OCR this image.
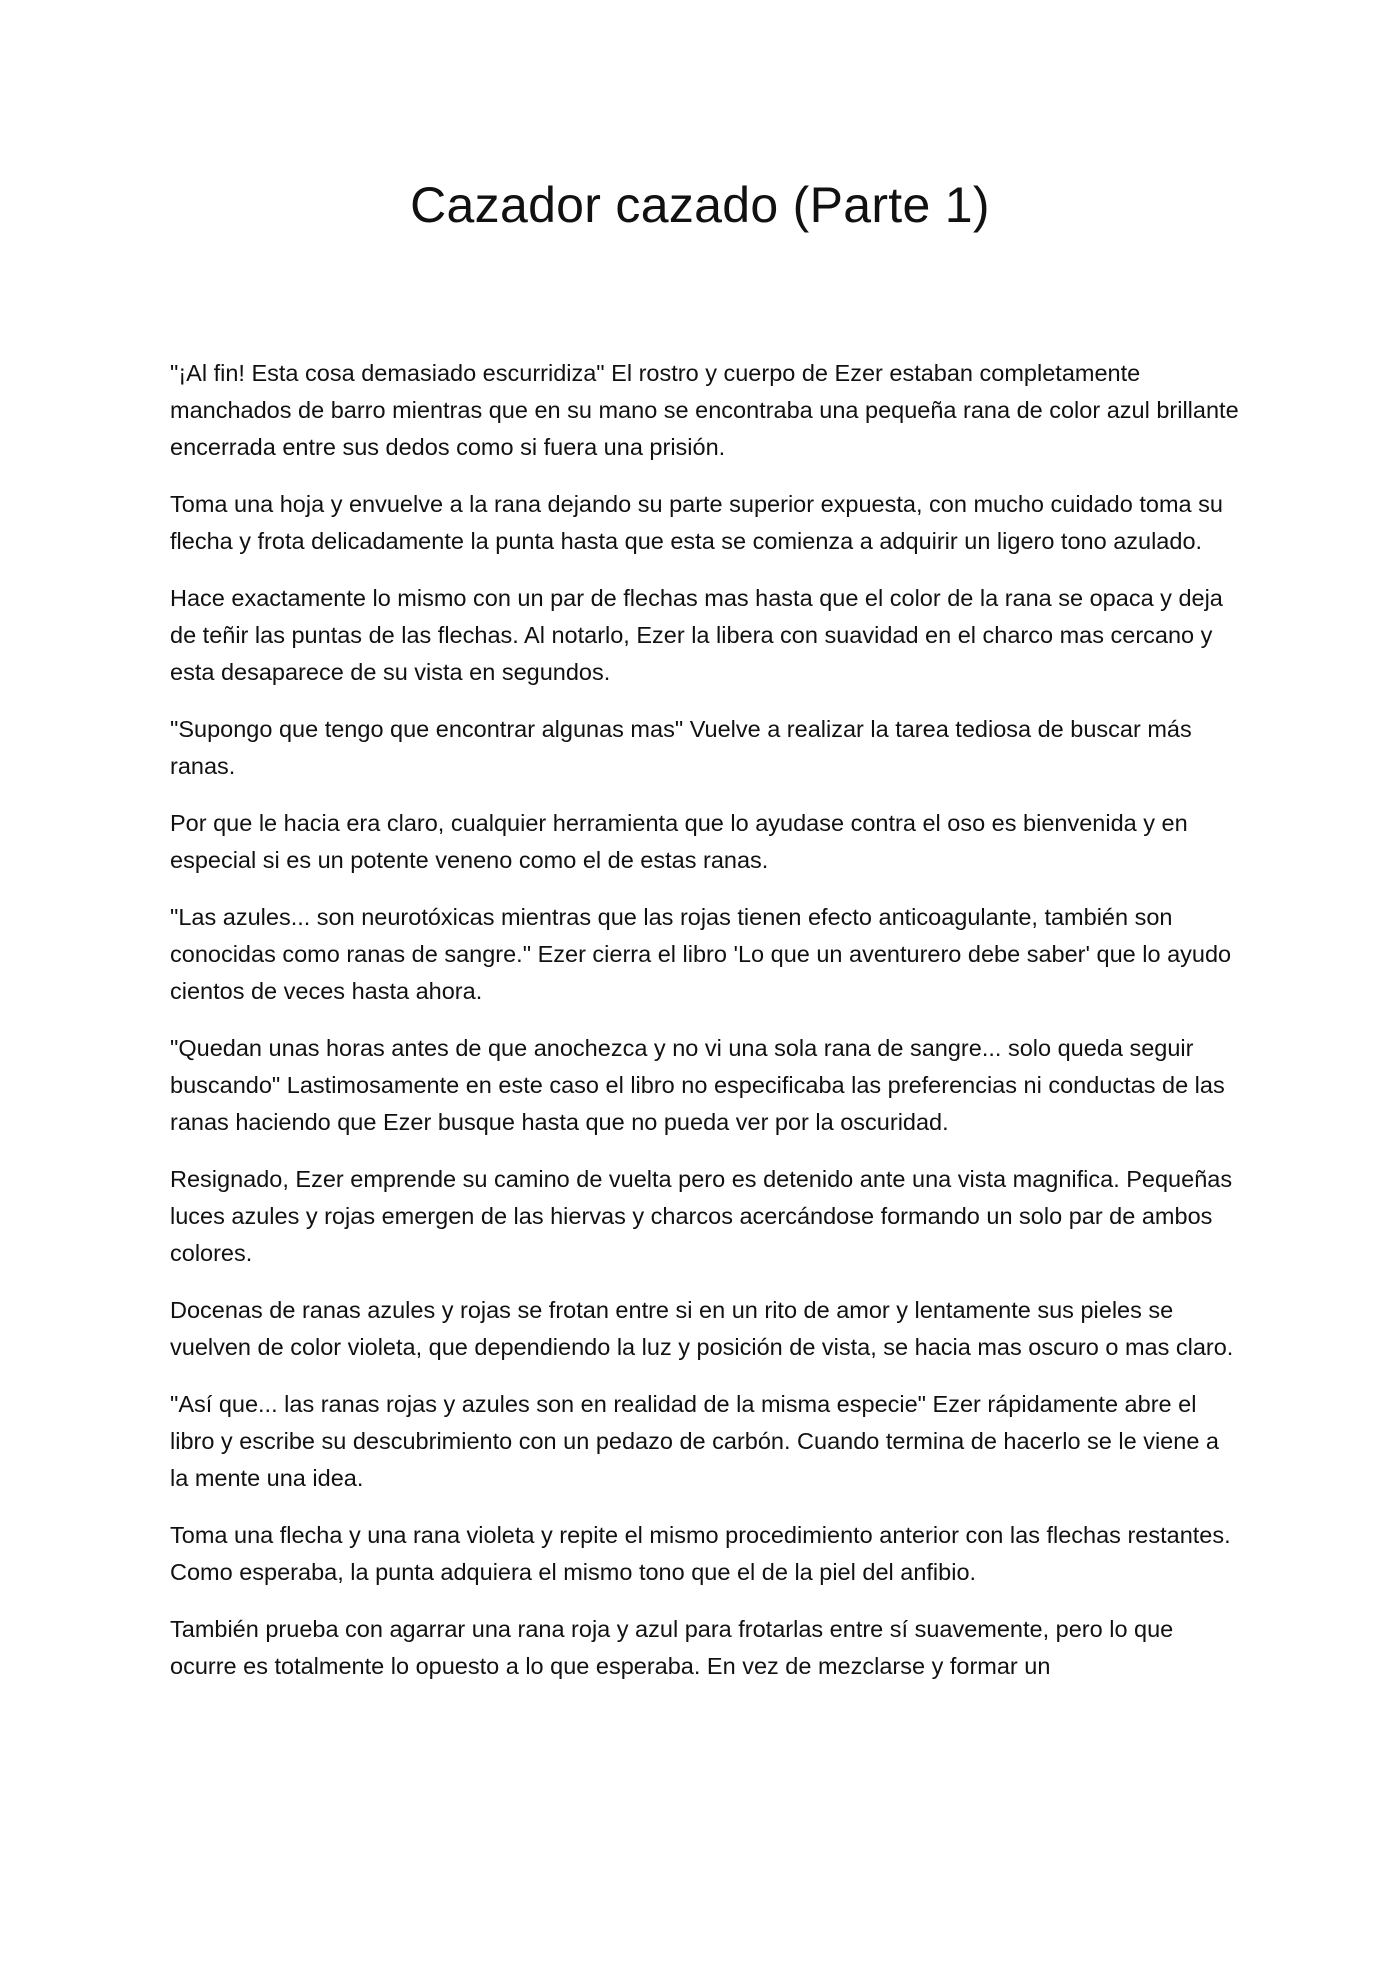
Cazador cazado (Parte 1)

"¡Al fin! Esta cosa demasiado escurridiza" El rostro y cuerpo de Ezer estaban completamente manchados de barro mientras que en su mano se encontraba una pequeña rana de color azul brillante encerrada entre sus dedos como si fuera una prisión.

Toma una hoja y envuelve a la rana dejando su parte superior expuesta, con mucho cuidado toma su flecha y frota delicadamente la punta hasta que esta se comienza a adquirir un ligero tono azulado.

Hace exactamente lo mismo con un par de flechas mas hasta que el color de la rana se opaca y deja de teñir las puntas de las flechas. Al notarlo, Ezer la libera con suavidad en el charco mas cercano y esta desaparece de su vista en segundos.

"Supongo que tengo que encontrar algunas mas" Vuelve a realizar la tarea tediosa de buscar más ranas.

Por que le hacia era claro, cualquier herramienta que lo ayudase contra el oso es bienvenida y en especial si es un potente veneno como el de estas ranas.

"Las azules... son neurotóxicas mientras que las rojas tienen efecto anticoagulante, también son conocidas como ranas de sangre." Ezer cierra el libro 'Lo que un aventurero debe saber' que lo ayudo cientos de veces hasta ahora.

"Quedan unas horas antes de que anochezca y no vi una sola rana de sangre... solo queda seguir buscando" Lastimosamente en este caso el libro no especificaba las preferencias ni conductas de las ranas haciendo que Ezer busque hasta que no pueda ver por la oscuridad.

Resignado, Ezer emprende su camino de vuelta pero es detenido ante una vista magnifica. Pequeñas luces azules y rojas emergen de las hiervas y charcos acercándose formando un solo par de ambos colores.

Docenas de ranas azules y rojas se frotan entre si en un rito de amor y lentamente sus pieles se vuelven de color violeta, que dependiendo la luz y posición de vista, se hacia mas oscuro o mas claro.

"Así que... las ranas rojas y azules son en realidad de la misma especie" Ezer rápidamente abre el libro y escribe su descubrimiento con un pedazo de carbón. Cuando termina de hacerlo se le viene a la mente una idea.

Toma una flecha y una rana violeta y repite el mismo procedimiento anterior con las flechas restantes. Como esperaba, la punta adquiera el mismo tono que el de la piel del anfibio.

También prueba con agarrar una rana roja y azul para frotarlas entre sí suavemente, pero lo que ocurre es totalmente lo opuesto a lo que esperaba. En vez de mezclarse y formar un
